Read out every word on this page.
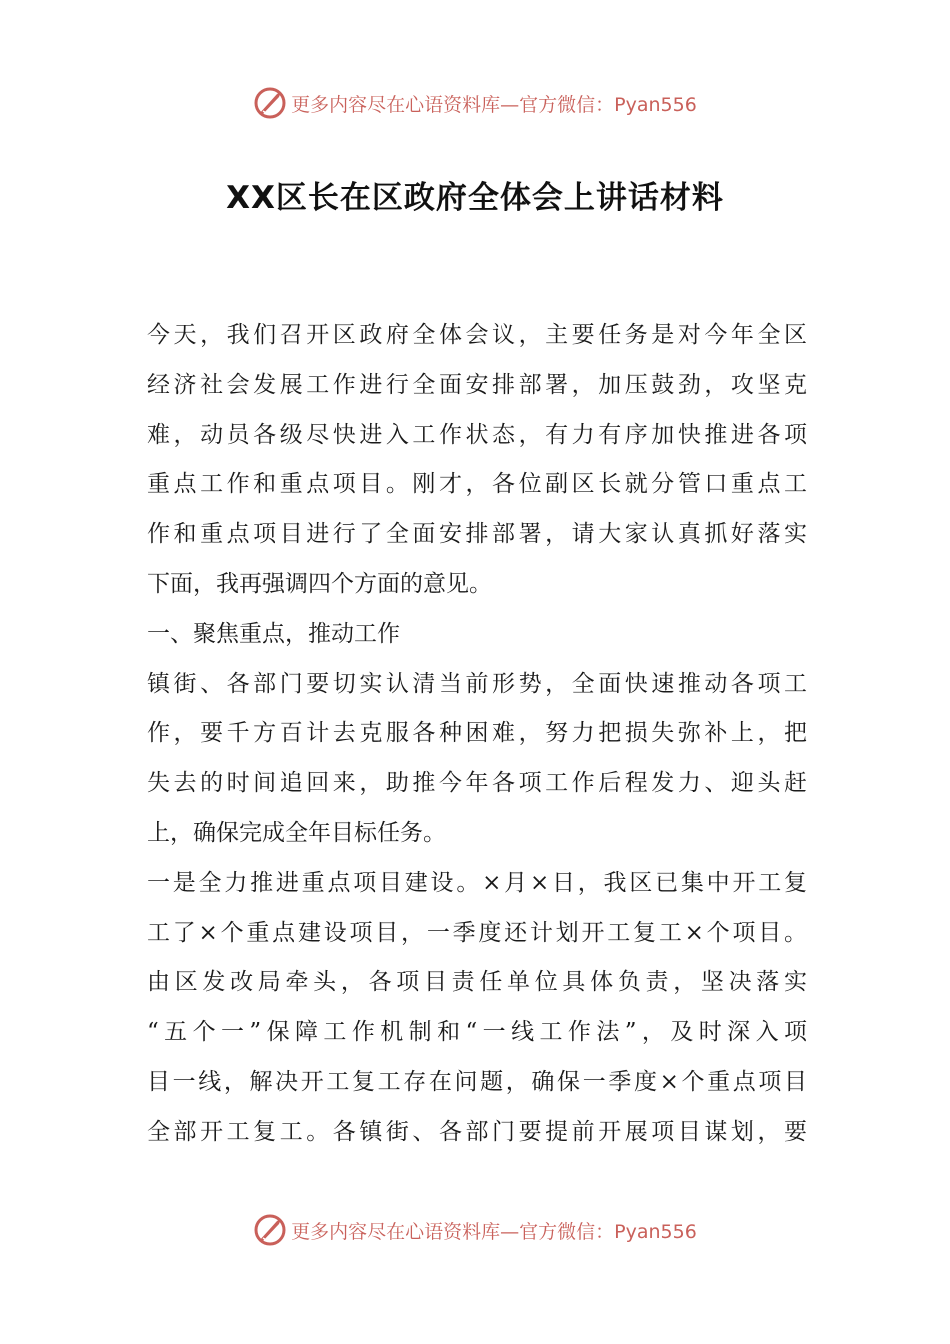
更多内容尽在心语资料库—官方微信：Pyan556
XX区长在区政府全体会上讲话材料
今天，我们召开区政府全体会议，主要任务是对今年全区
经济社会发展工作进行全面安排部署，加压鼓劲，攻坚克
难，动员各级尽快进入工作状态，有力有序加快推进各项
重点工作和重点项目。刚才，各位副区长就分管口重点工
作和重点项目进行了全面安排部署，请大家认真抓好落实
下面，我再强调四个方面的意见。
一、聚焦重点，推动工作
镇街、各部门要切实认清当前形势，全面快速推动各项工
作，要千方百计去克服各种困难，努力把损失弥补上，把
失去的时间追回来，助推今年各项工作后程发力、迎头赶
上，确保完成全年目标任务。
一是全力推进重点项目建设。×月×日，我区已集中开工复
工了×个重点建设项目，一季度还计划开工复工×个项目。
由区发改局牵头，各项目责任单位具体负责，坚决落实
“五个一”保障工作机制和“一线工作法”，及时深入项
目一线，解决开工复工存在问题，确保一季度×个重点项目
全部开工复工。各镇街、各部门要提前开展项目谋划，要
更多内容尽在心语资料库—官方微信：Pyan556
